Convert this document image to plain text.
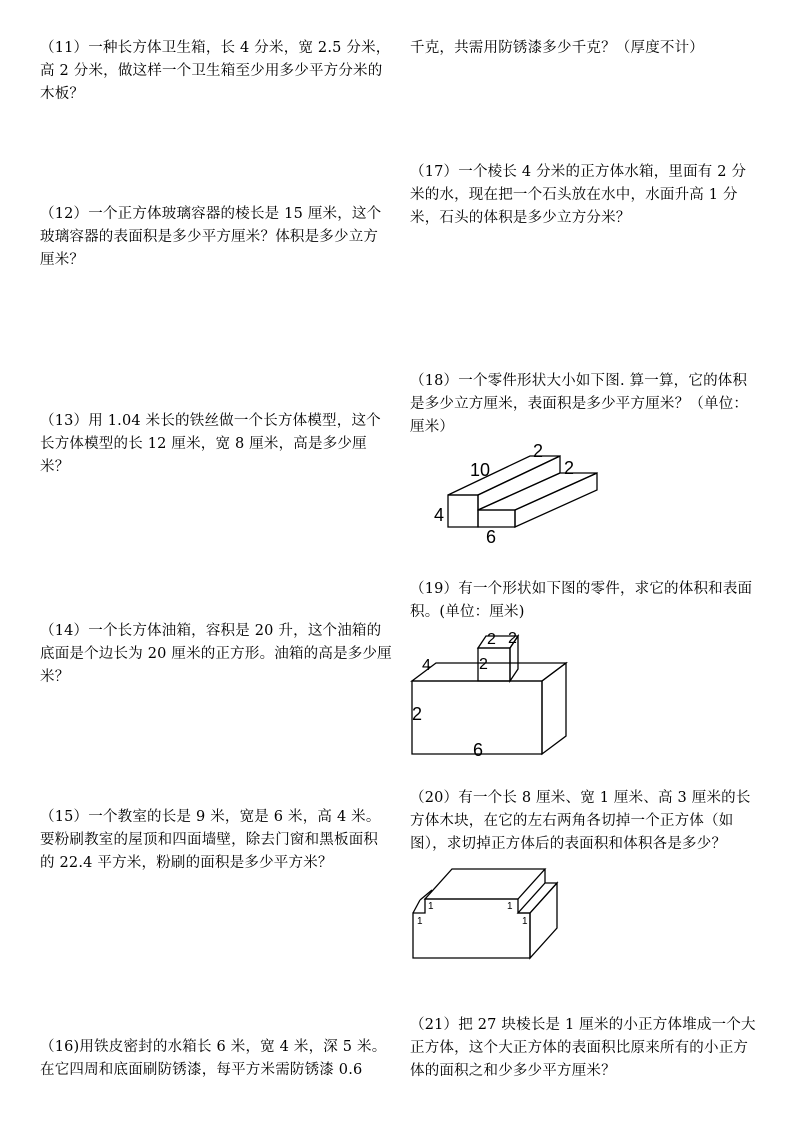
（11）一种长方体卫生箱，长 4 分米，宽 2.5 分米，高 2 分米，做这样一个卫生箱至少用多少平方分米的木板？
（12）一个正方体玻璃容器的棱长是 15 厘米，这个玻璃容器的表面积是多少平方厘米？体积是多少立方厘米？
（13）用 1.04 米长的铁丝做一个长方体模型，这个长方体模型的长 12 厘米，宽 8 厘米，高是多少厘米？
（14）一个长方体油箱，容积是 20 升，这个油箱的底面是个边长为 20 厘米的正方形。油箱的高是多少厘米？
（15）一个教室的长是 9 米，宽是 6 米，高 4 米。要粉刷教室的屋顶和四面墙壁，除去门窗和黑板面积的 22.4 平方米，粉刷的面积是多少平方米？
（16)用铁皮密封的水箱长 6 米，宽 4 米，深 5 米。在它四周和底面刷防锈漆，每平方米需防锈漆 0.6
千克，共需用防锈漆多少千克？（厚度不计）
（17）一个棱长 4 分米的正方体水箱，里面有 2 分米的水，现在把一个石头放在水中，水面升高 1 分米，石头的体积是多少立方分米？
（18）一个零件形状大小如下图. 算一算，它的体积是多少立方厘米，表面积是多少平方厘米？（单位：厘米）
10
2
2
4
6
（19）有一个形状如下图的零件，求它的体积和表面积。(单位：厘米)
2 2
2
4
2
6
（20）有一个长 8 厘米、宽 1 厘米、高 3 厘米的长方体木块，在它的左右两角各切掉一个正方体（如图），求切掉正方体后的表面积和体积各是多少？
1
1
1
1
（21）把 27 块棱长是 1 厘米的小正方体堆成一个大正方体，这个大正方体的表面积比原来所有的小正方体的面积之和少多少平方厘米？
